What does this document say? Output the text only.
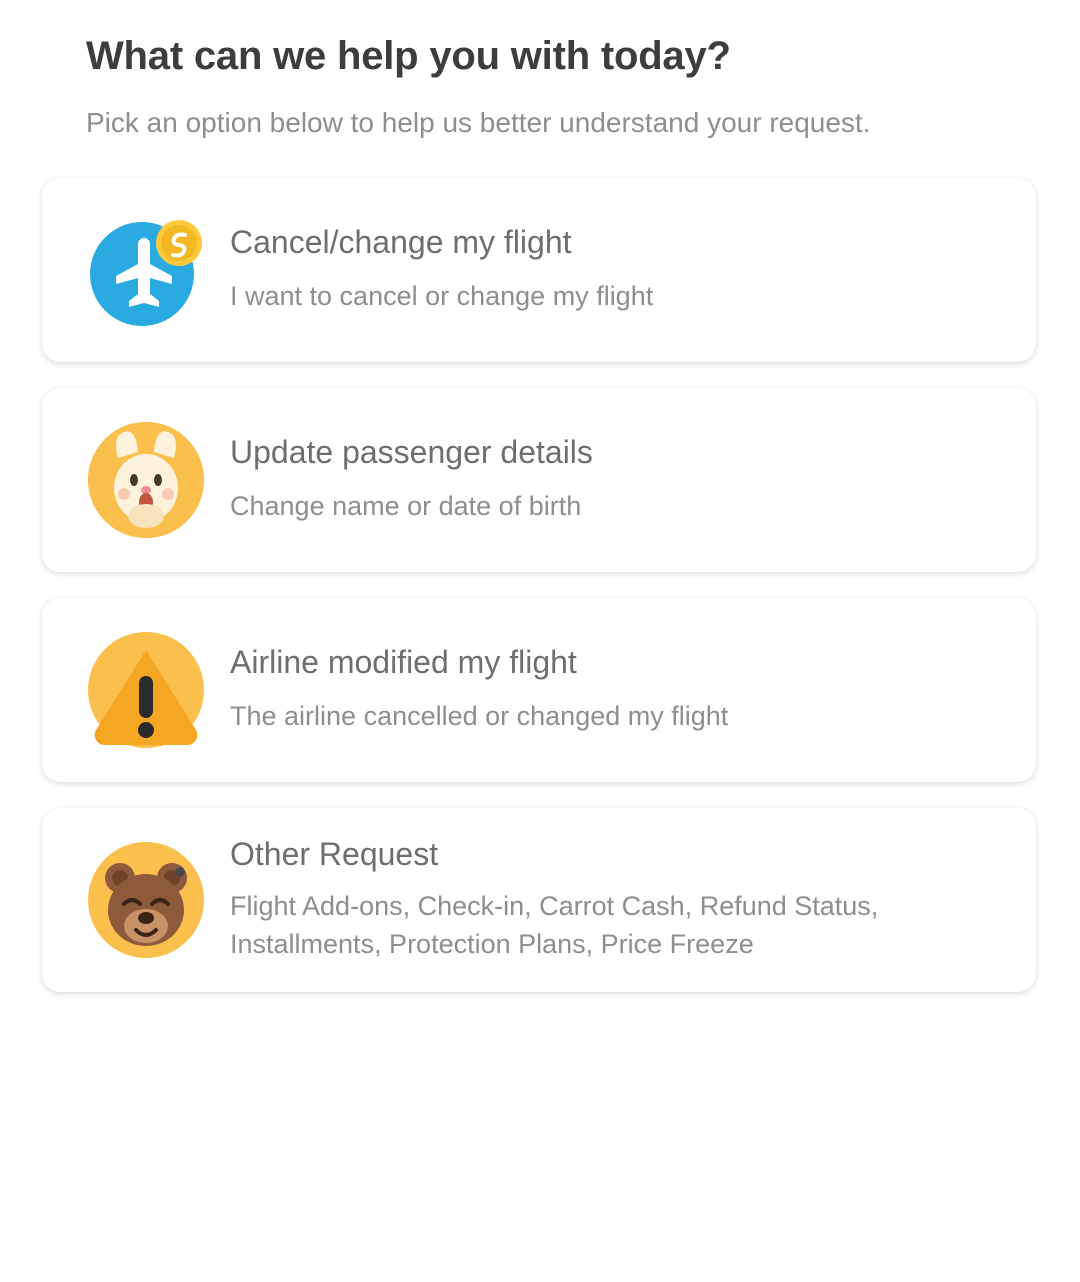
What can we help you with today?

Pick an option below to help us better understand your request.

Cancel/change my flight
I want to cancel or change my flight
Update passenger details
Change name or date of birth
Airline modified my flight
The airline cancelled or changed my flight
Other Request
Flight Add-ons, Check-in, Carrot Cash, Refund Status, Installments, Protection Plans, Price Freeze
